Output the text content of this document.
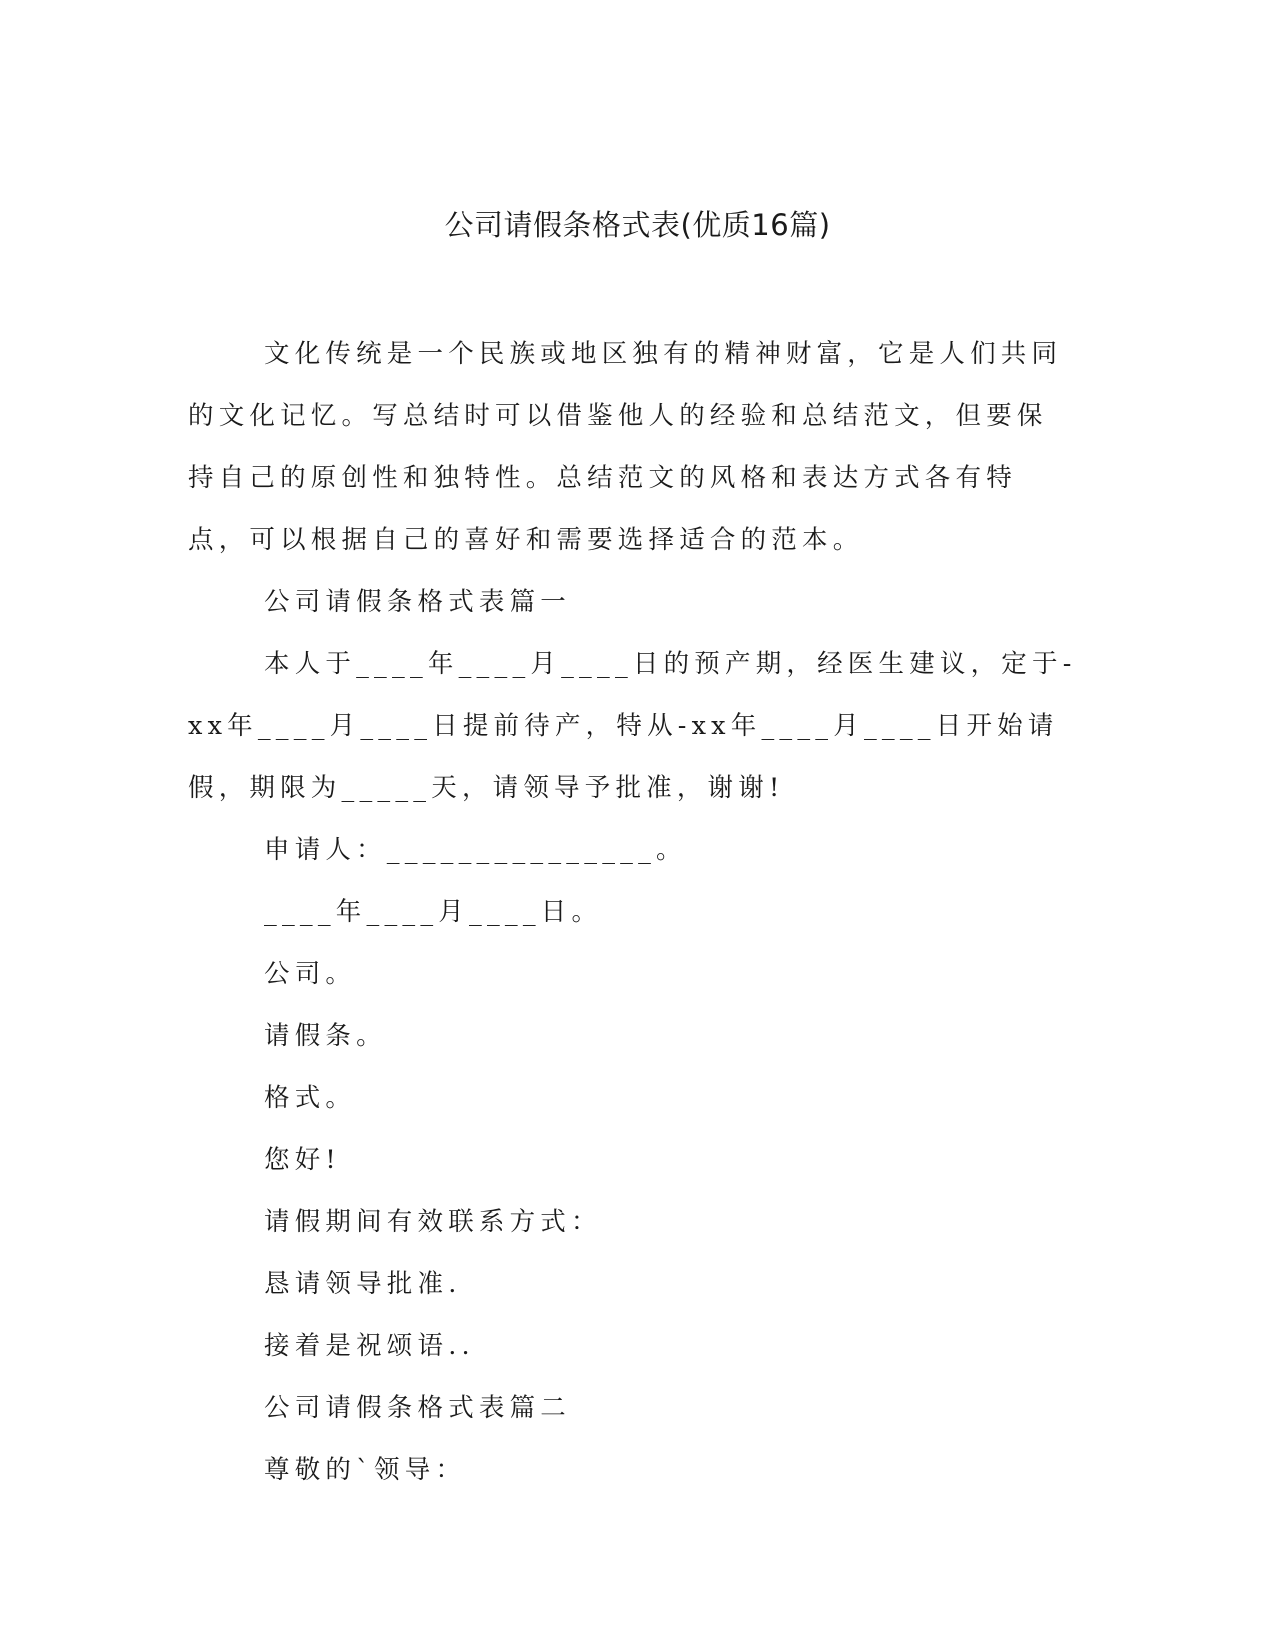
公司请假条格式表(优质16篇)

文化传统是一个民族或地区独有的精神财富，它是人们共同的文化记忆。写总结时可以借鉴他人的经验和总结范文，但要保持自己的原创性和独特性。总结范文的风格和表达方式各有特点，可以根据自己的喜好和需要选择适合的范本。

公司请假条格式表篇一

本人于____年____月____日的预产期，经医生建议，定于-xx年____月____日提前待产，特从-xx年____月____日开始请假，期限为_____天，请领导予批准，谢谢!

申请人：_______________。

____年____月____日。

公司。

请假条。

格式。

您好!

请假期间有效联系方式：

恳请领导批准.

接着是祝颂语..

公司请假条格式表篇二

尊敬的`领导：
